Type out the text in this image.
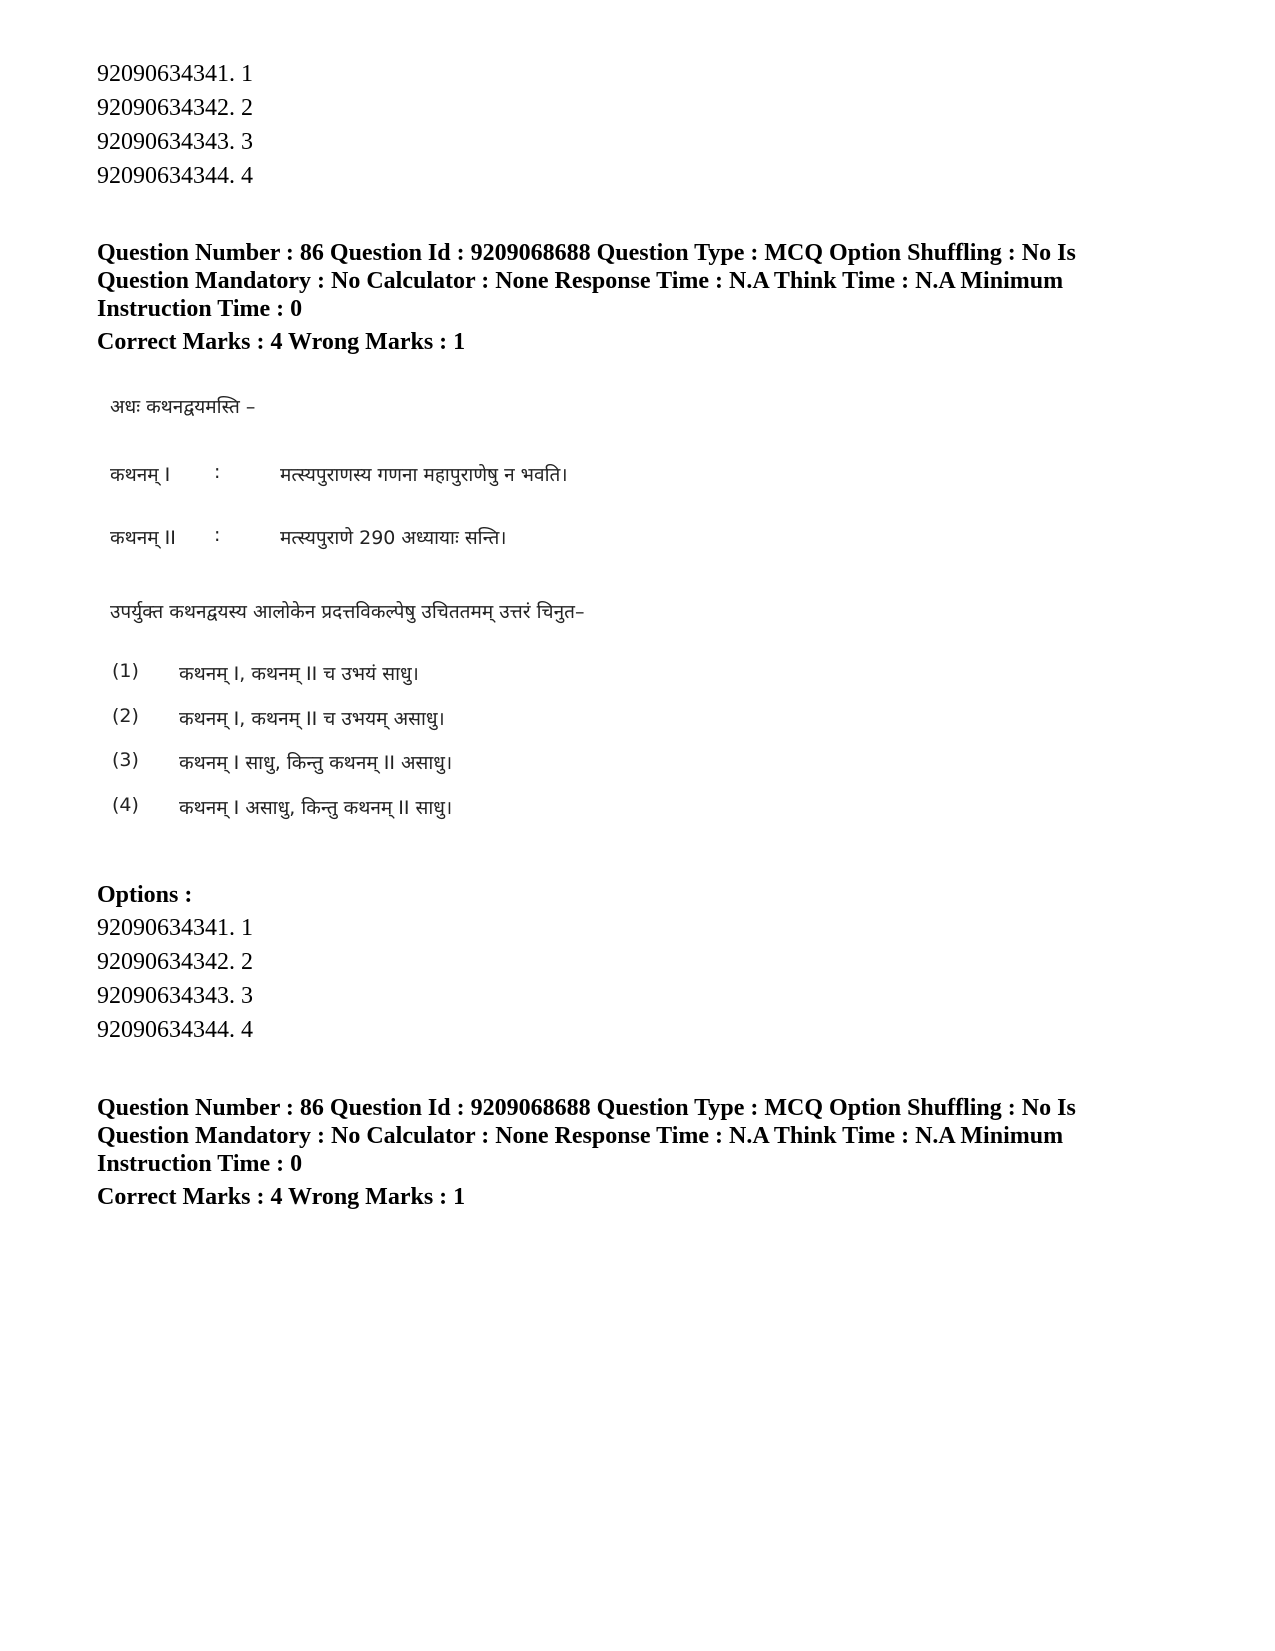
92090634341. 1
92090634342. 2
92090634343. 3
92090634344. 4
Question Number : 86 Question Id : 9209068688 Question Type : MCQ Option Shuffling : No Is Question Mandatory : No Calculator : None Response Time : N.A Think Time : N.A Minimum Instruction Time : 0
Correct Marks : 4 Wrong Marks : 1
अधः कथनद्वयमस्ति –
कथनम् I :	मत्स्यपुराणस्य गणना महापुराणेषु न भवति।
कथनम् II :	मत्स्यपुराणे 290 अध्यायाः सन्ति।
उपर्युक्त कथनद्वयस्य आलोकेन प्रदत्तविकल्पेषु उचिततमम् उत्तरं चिनुत–
(1) कथनम् I, कथनम् II च उभयं साधु।
(2) कथनम् I, कथनम् II च उभयम् असाधु।
(3) कथनम् I साधु, किन्तु कथनम् II असाधु।
(4) कथनम् I असाधु, किन्तु कथनम् II साधु।
Options :
92090634341. 1
92090634342. 2
92090634343. 3
92090634344. 4
Question Number : 86 Question Id : 9209068688 Question Type : MCQ Option Shuffling : No Is Question Mandatory : No Calculator : None Response Time : N.A Think Time : N.A Minimum Instruction Time : 0
Correct Marks : 4 Wrong Marks : 1
